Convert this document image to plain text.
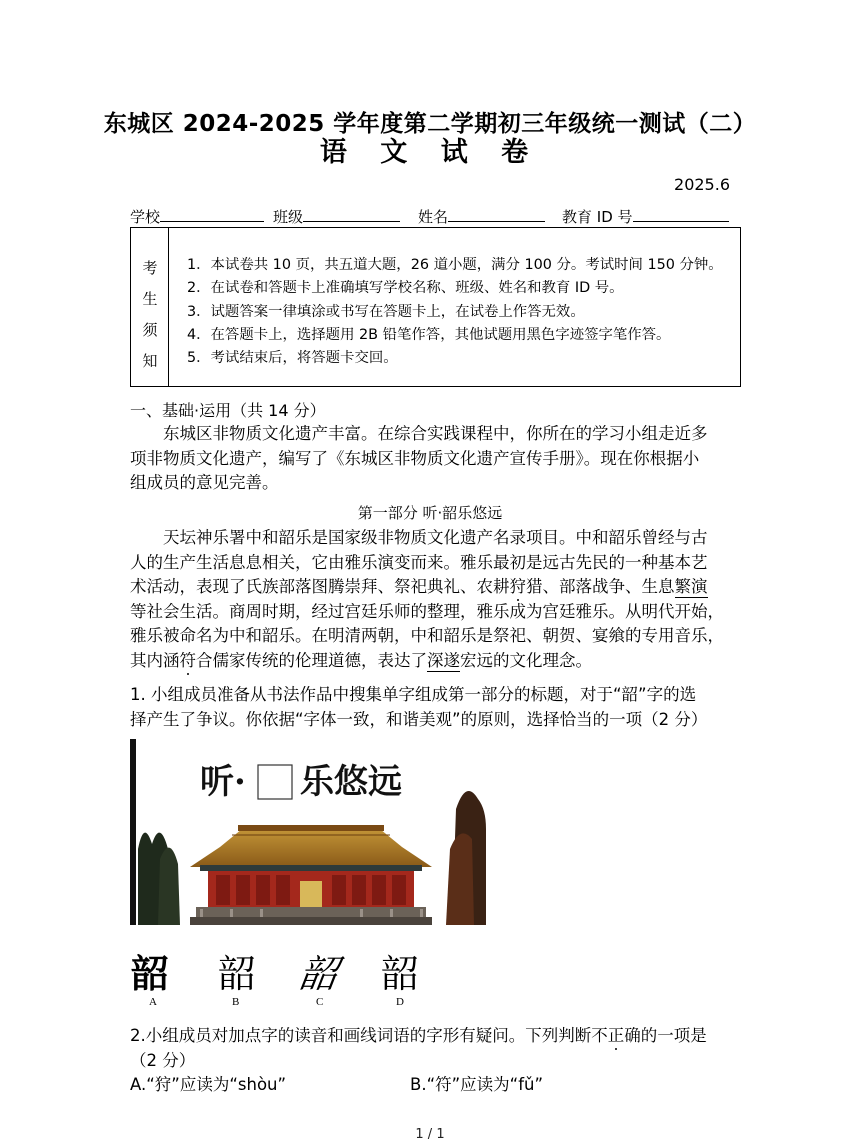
东城区 2024-2025 学年度第二学期初三年级统一测试（二）
语 文 试 卷
2025.6
学校	班级	姓名	教育 ID 号
考
生
须
知
1．本试卷共 10 页，共五道大题，26 道小题，满分 100 分。考试时间 150 分钟。
2．在试卷和答题卡上准确填写学校名称、班级、姓名和教育 ID 号。
3．试题答案一律填涂或书写在答题卡上，在试卷上作答无效。
4．在答题卡上，选择题用 2B 铅笔作答，其他试题用黑色字迹签字笔作答。
5．考试结束后，将答题卡交回。
一、基础·运用（共 14 分）
东城区非物质文化遗产丰富。在综合实践课程中，你所在的学习小组走近多
项非物质文化遗产，编写了《东城区非物质文化遗产宣传手册》。现在你根据小
组成员的意见完善。
第一部分 听·韶乐悠远
天坛神乐署中和韶乐是国家级非物质文化遗产名录项目。中和韶乐曾经与古
人的生产生活息息相关，它由雅乐演变而来。雅乐最初是远古先民的一种基本艺
术活动，表现了氏族部落图腾崇拜、祭祀典礼、农耕狩猎、部落战争、生息繁演
等社会生活。商周时期，经过宫廷乐师的整理，雅乐成为宫廷雅乐。从明代开始，
雅乐被命名为中和韶乐。在明清两朝，中和韶乐是祭祀、朝贺、宴飨的专用音乐，
其内涵符合儒家传统的伦理道德，表达了深遂宏远的文化理念。
1. 小组成员准备从书法作品中搜集单字组成第一部分的标题，对于“韶”字的选
择产生了争议。你依据“字体一致，和谐美观”的原则，选择恰当的一项（2 分）
听· 乐悠远
韶 韶 韶 韶
A	B	C	D
2.小组成员对加点字的读音和画线词语的字形有疑问。下列判断不正确的一项是
（2 分）
A.“狩”应读为“shòu”	B.“符”应读为“fǔ”
1 / 1
